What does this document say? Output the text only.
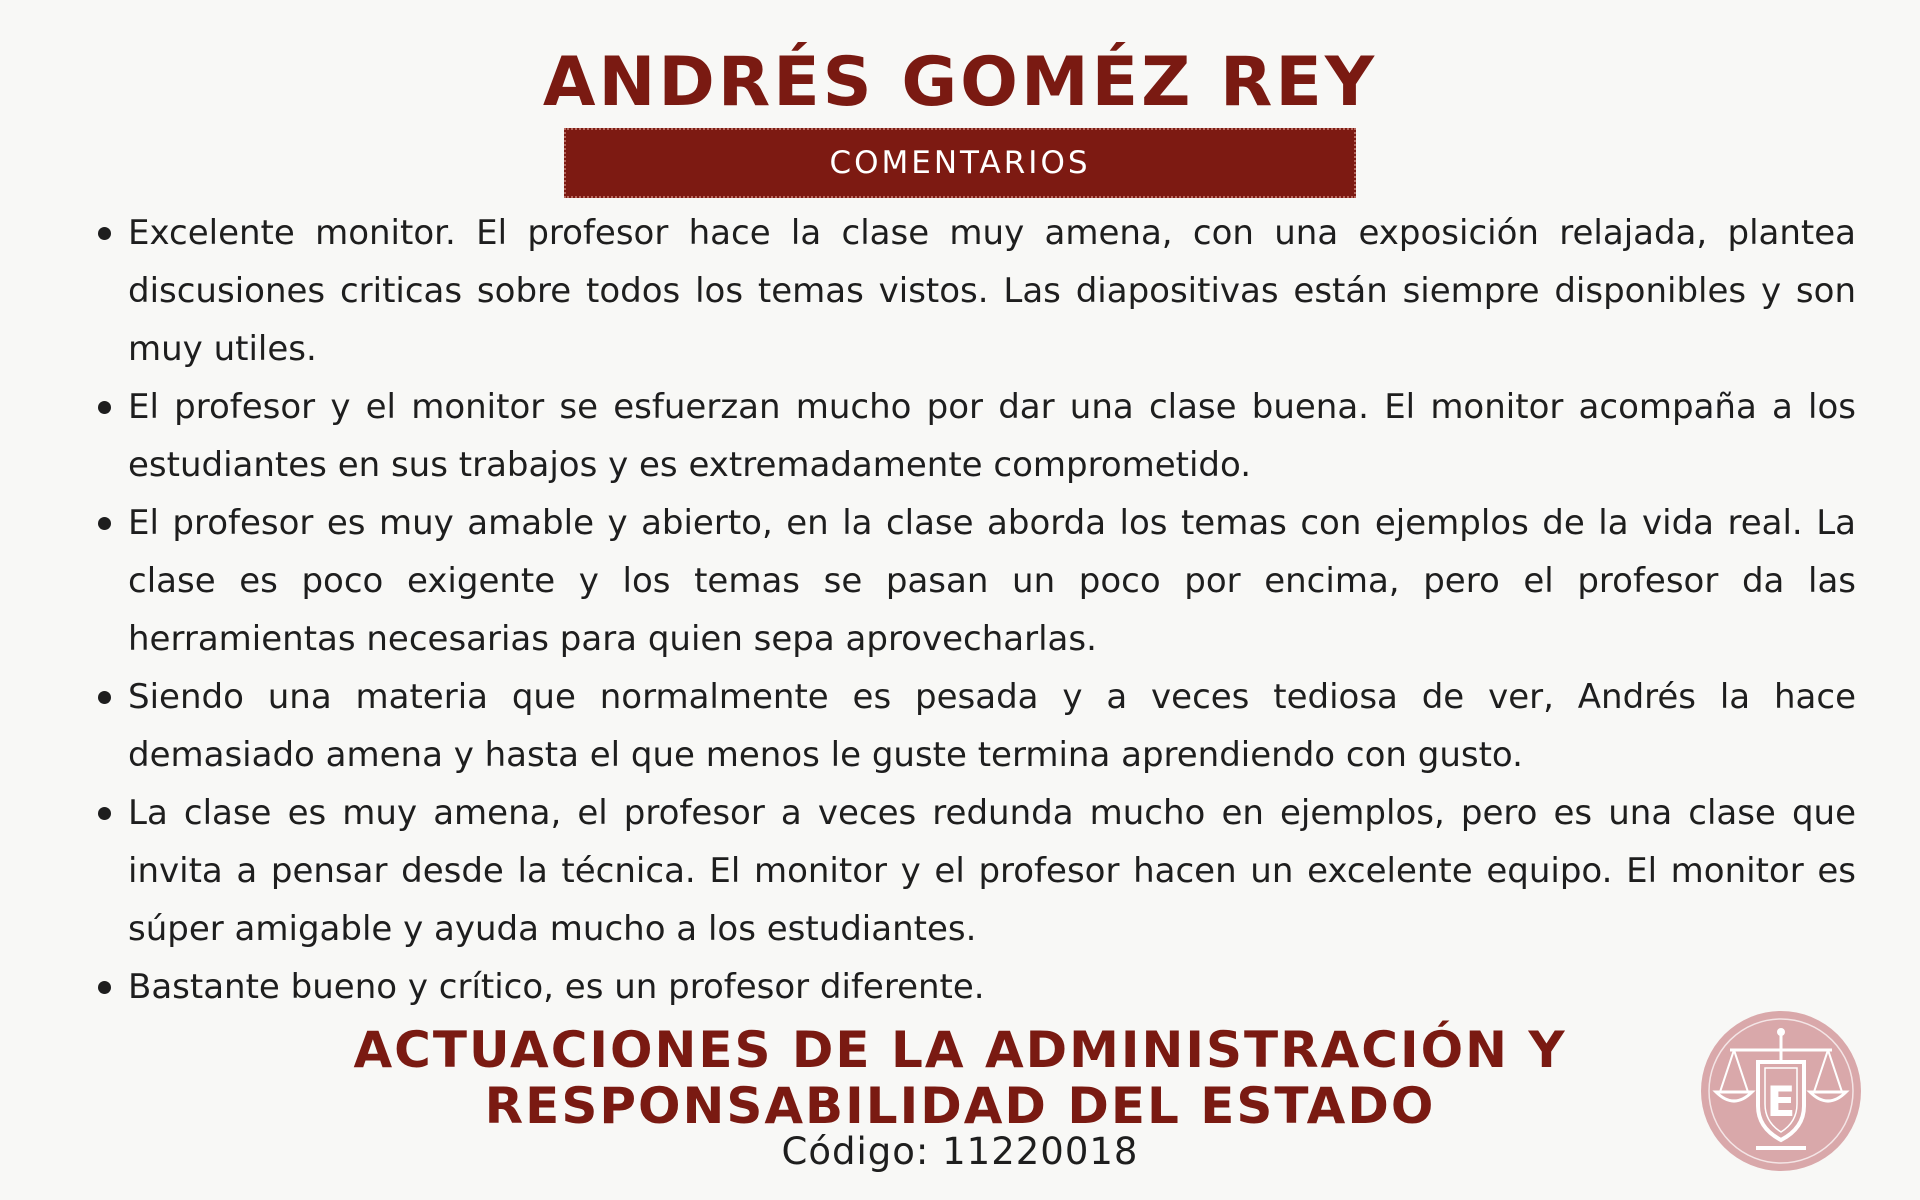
ANDRÉS GOMÉZ REY
COMENTARIOS
Excelente monitor. El profesor hace la clase muy amena, con una exposición relajada, plantea discusiones criticas sobre todos los temas vistos. Las diapositivas están siempre disponibles y son muy utiles.
El profesor y el monitor se esfuerzan mucho por dar una clase buena. El monitor acompaña a los estudiantes en sus trabajos y es extremadamente comprometido.
El profesor es muy amable y abierto, en la clase aborda los temas con ejemplos de la vida real. La clase es poco exigente y los temas se pasan un poco por encima, pero el profesor da las herramientas necesarias para quien sepa aprovecharlas.
Siendo una materia que normalmente es pesada y a veces tediosa de ver, Andrés la hace demasiado amena y hasta el que menos le guste termina aprendiendo con gusto.
La clase es muy amena, el profesor a veces redunda mucho en ejemplos, pero es una clase que invita a pensar desde la técnica. El monitor y el profesor hacen un excelente equipo. El monitor es súper amigable y ayuda mucho a los estudiantes.
Bastante bueno y crítico, es un profesor diferente.
ACTUACIONES DE LA ADMINISTRACIÓN Y
RESPONSABILIDAD DEL ESTADO
Código: 11220018
E
